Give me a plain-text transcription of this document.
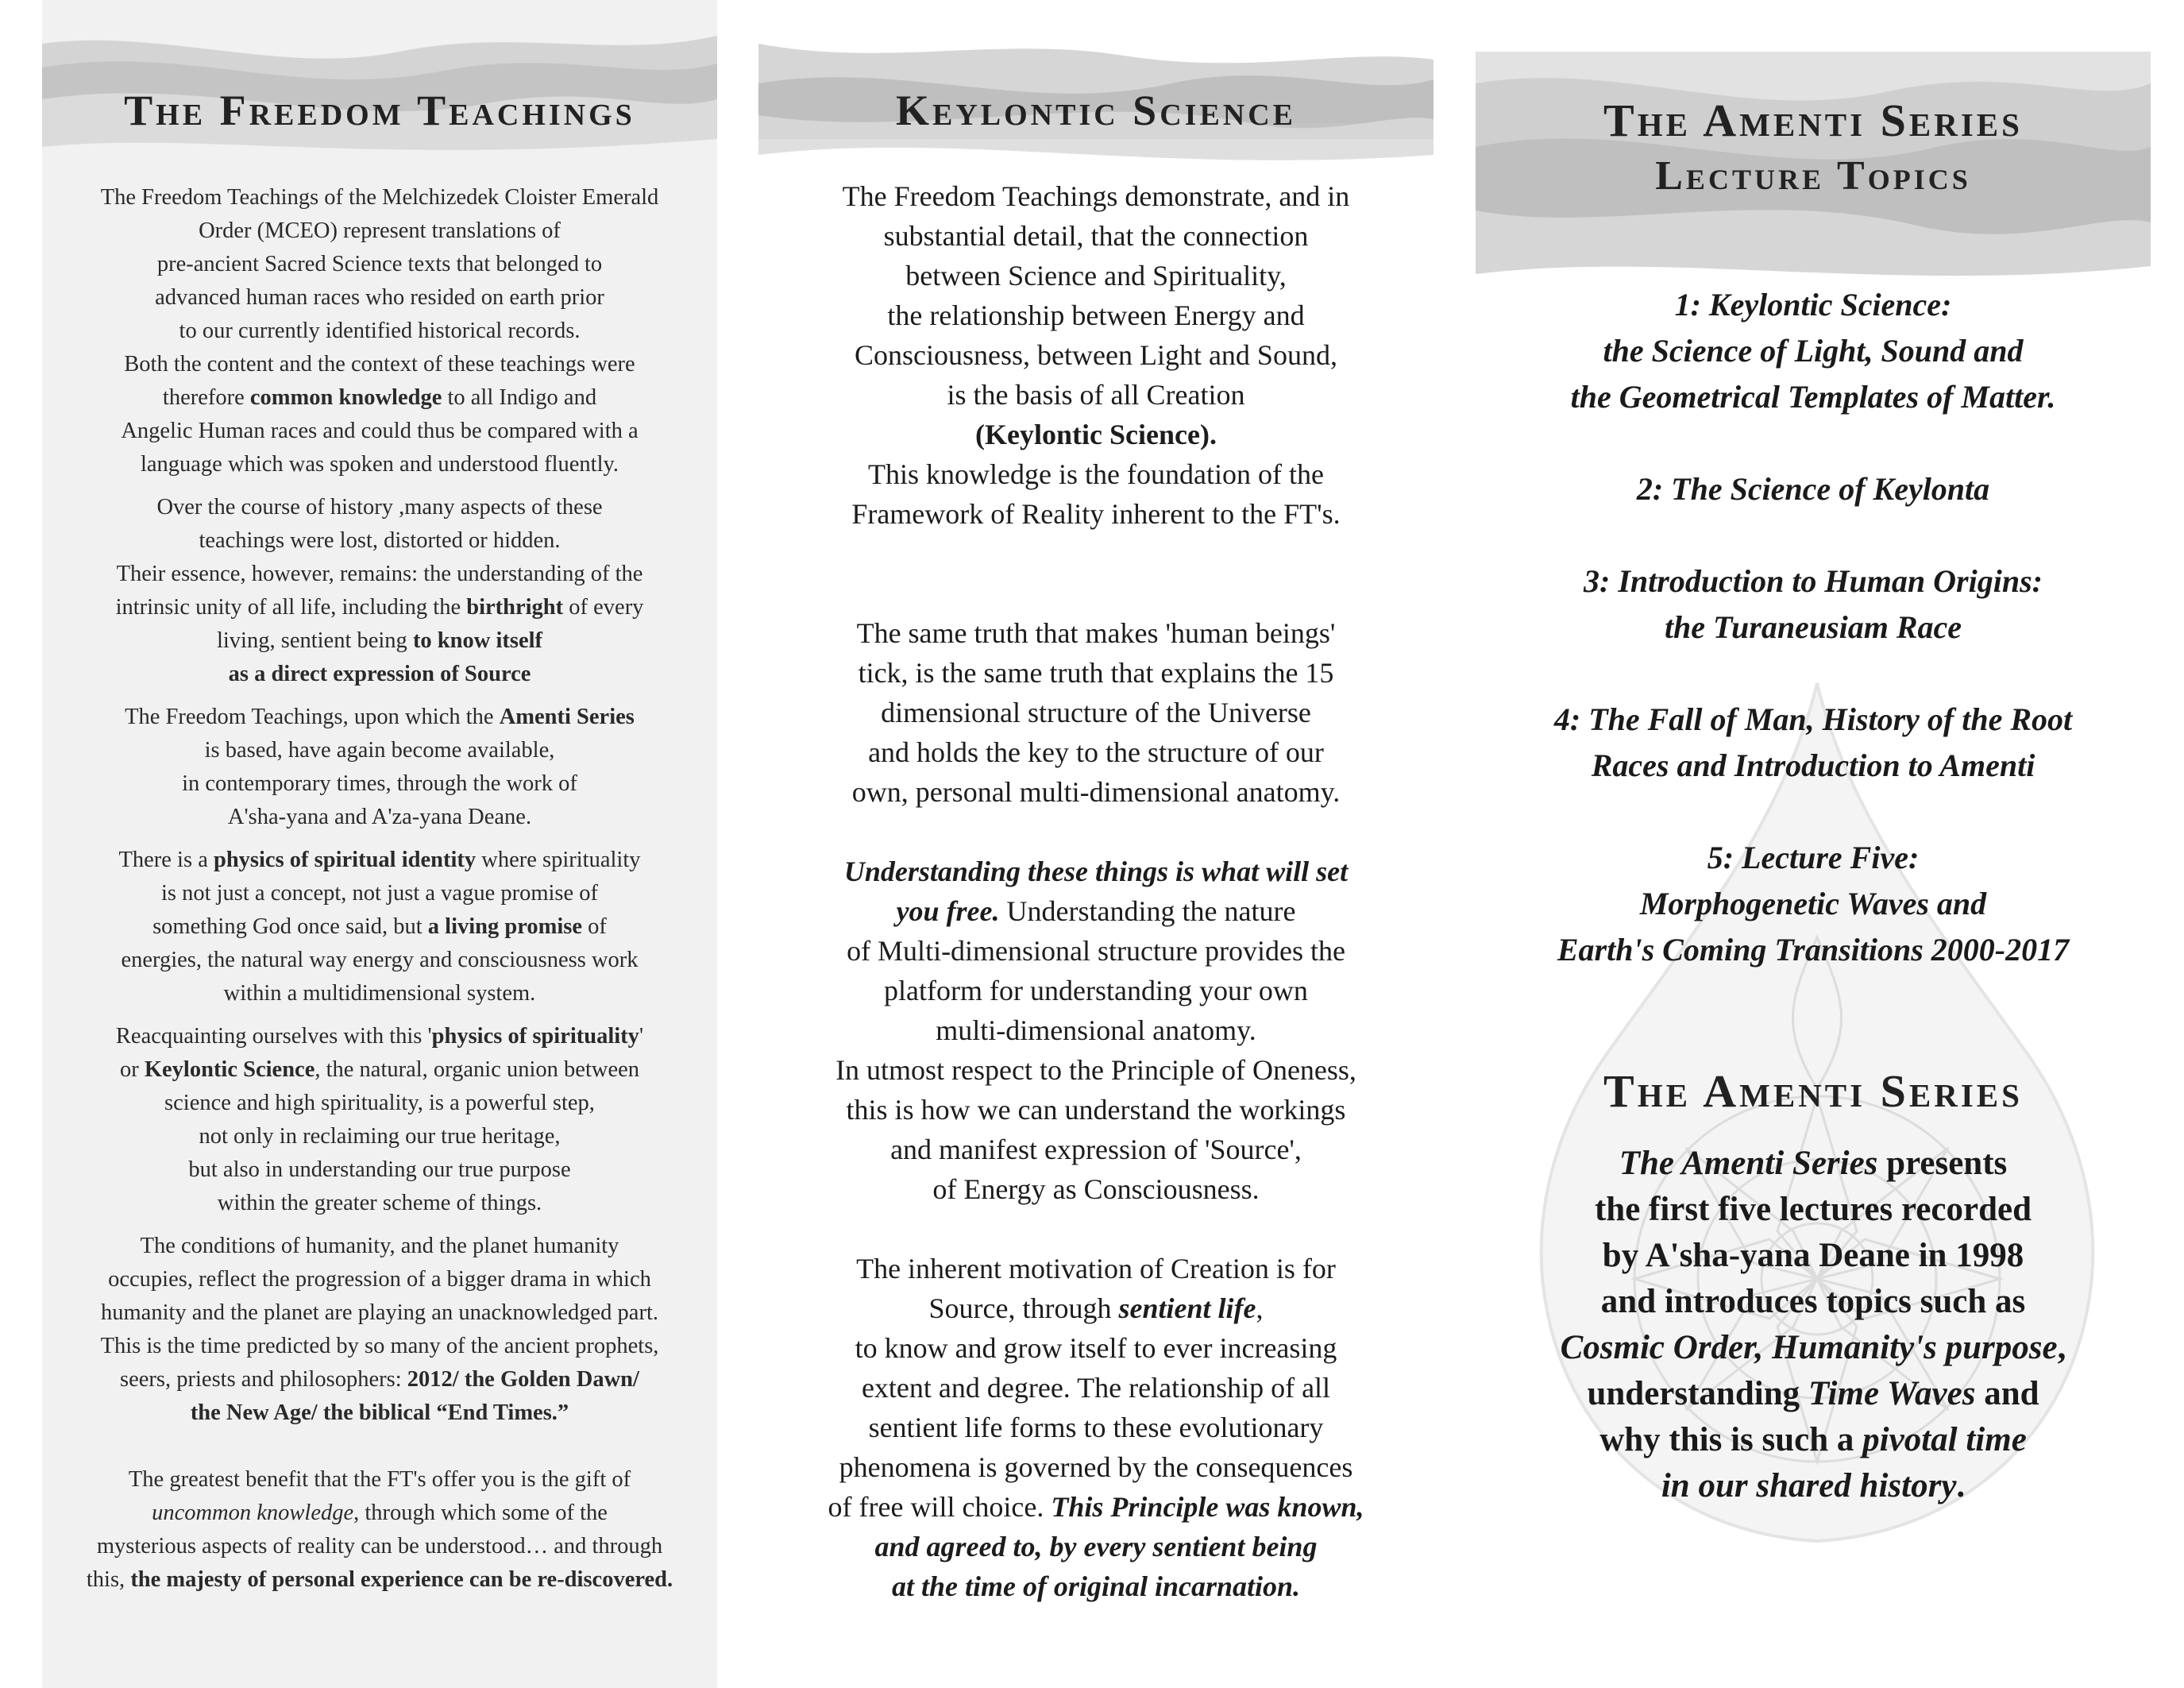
The Freedom Teachings

The Freedom Teachings of the Melchizedek Cloister Emerald
Order (MCEO) represent translations of
pre-ancient Sacred Science texts that belonged to
advanced human races who resided on earth prior
to our currently identified historical records.
Both the content and the context of these teachings were
therefore common knowledge to all Indigo and
Angelic Human races and could thus be compared with a
language which was spoken and understood fluently.

Over the course of history ,many aspects of these
teachings were lost, distorted or hidden.
Their essence, however, remains: the understanding of the
intrinsic unity of all life, including the birthright of every
living, sentient being to know itself
as a direct expression of Source

The Freedom Teachings, upon which the Amenti Series
is based, have again become available,
in contemporary times, through the work of
A'sha-yana and A'za-yana Deane.

There is a physics of spiritual identity where spirituality
is not just a concept, not just a vague promise of
something God once said, but a living promise of
energies, the natural way energy and consciousness work
within a multidimensional system.

Reacquainting ourselves with this 'physics of spirituality'
or Keylontic Science, the natural, organic union between
science and high spirituality, is a powerful step,
not only in reclaiming our true heritage,
but also in understanding our true purpose
within the greater scheme of things.

The conditions of humanity, and the planet humanity
occupies, reflect the progression of a bigger drama in which
humanity and the planet are playing an unacknowledged part.
This is the time predicted by so many of the ancient prophets,
seers, priests and philosophers: 2012/ the Golden Dawn/
the New Age/ the biblical “End Times.”

The greatest benefit that the FT's offer you is the gift of
uncommon knowledge, through which some of the
mysterious aspects of reality can be understood… and through
this, the majesty of personal experience can be re-discovered.

Keylontic Science

The Freedom Teachings demonstrate, and in
substantial detail, that the connection
between Science and Spirituality,
the relationship between Energy and
Consciousness, between Light and Sound,
is the basis of all Creation
(Keylontic Science).
This knowledge is the foundation of the
Framework of Reality inherent to the FT's.

The same truth that makes 'human beings'
tick, is the same truth that explains the 15
dimensional structure of the Universe
and holds the key to the structure of our
own, personal multi-dimensional anatomy.

Understanding these things is what will set
you free. Understanding the nature
of Multi-dimensional structure provides the
platform for understanding your own
multi-dimensional anatomy.
In utmost respect to the Principle of Oneness,
this is how we can understand the workings
and manifest expression of 'Source',
of Energy as Consciousness.

The inherent motivation of Creation is for
Source, through sentient life,
to know and grow itself to ever increasing
extent and degree. The relationship of all
sentient life forms to these evolutionary
phenomena is governed by the consequences
of free will choice. This Principle was known,
and agreed to, by every sentient being
at the time of original incarnation.

The Amenti Series
Lecture Topics
1: Keylontic Science:
the Science of Light, Sound and
the Geometrical Templates of Matter.
2: The Science of Keylonta
3: Introduction to Human Origins:
the Turaneusiam Race
4: The Fall of Man, History of the Root
Races and Introduction to Amenti
5: Lecture Five:
Morphogenetic Waves and
Earth's Coming Transitions 2000-2017
The Amenti Series

The Amenti Series presents
the first five lectures recorded
by A'sha-yana Deane in 1998
and introduces topics such as
Cosmic Order, Humanity's purpose,
understanding Time Waves and
why this is such a pivotal time
in our shared history.
